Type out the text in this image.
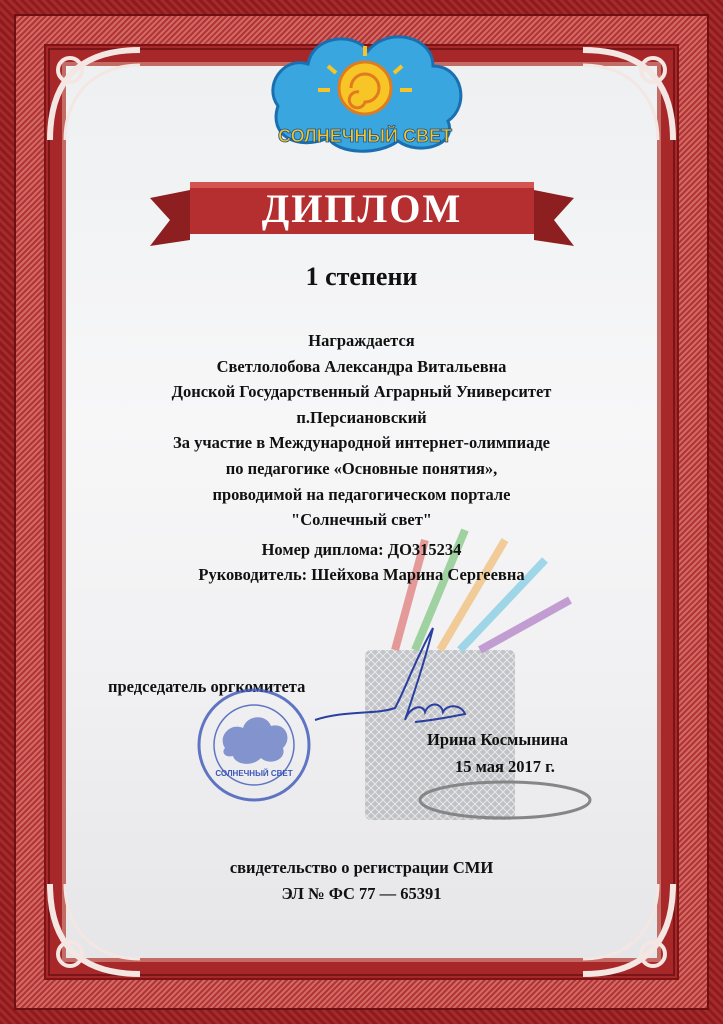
СОЛНЕЧНЫЙ СВЕТ
ДИПЛОМ
1 степени
Награждается
Светлолобова Александра Витальевна
Донской Государственный Аграрный Университет
п.Персиановский
За участие в Международной интернет-олимпиаде
по педагогике «Основные понятия»,
проводимой на педагогическом портале
"Солнечный свет"
Номер диплома: ДО315234
Руководитель: Шейхова Марина Сергеевна
председатель оргкомитета
СОЛНЕЧНЫЙ СВЕТ
Ирина Космынина
15 мая 2017 г.
свидетельство о регистрации СМИ
ЭЛ № ФС 77 — 65391
